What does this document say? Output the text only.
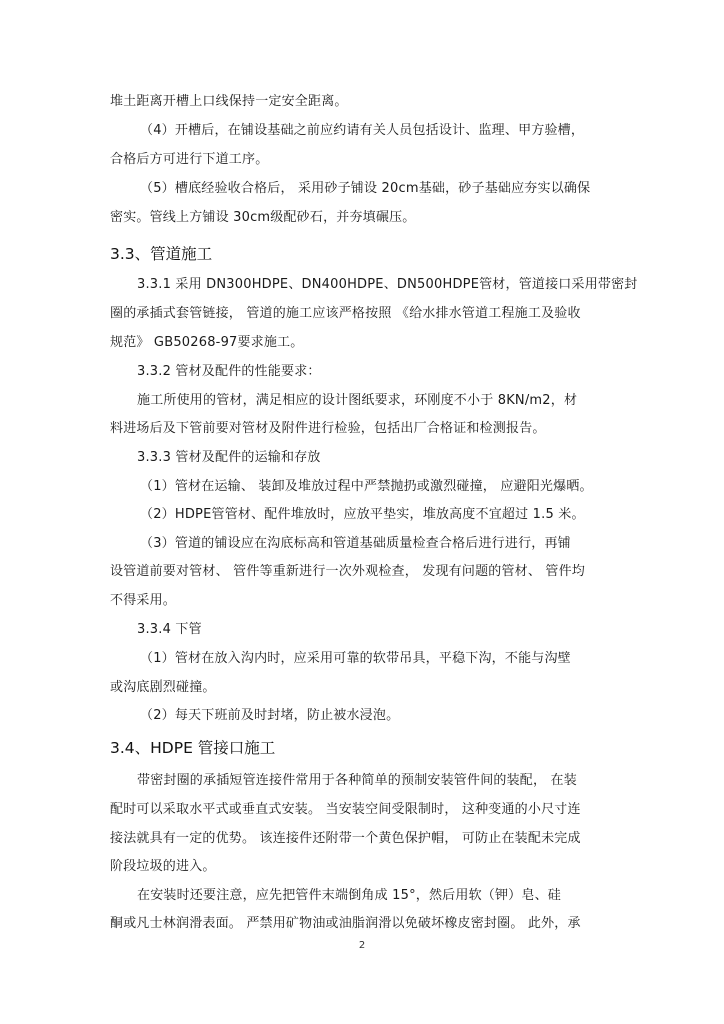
堆土距离开槽上口线保持一定安全距离。
（4）开槽后，在铺设基础之前应约请有关人员包括设计、监理、甲方验槽，
合格后方可进行下道工序。
（5）槽底经验收合格后， 采用砂子铺设 20cm基础，砂子基础应夯实以确保
密实。管线上方铺设 30cm级配砂石，并夯填碾压。
3.3、管道施工
3.3.1 采用 DN300HDPE、DN400HDPE、DN500HDPE管材，管道接口采用带密封
圈的承插式套管链接， 管道的施工应该严格按照 《给水排水管道工程施工及验收
规范》 GB50268-97要求施工。
3.3.2 管材及配件的性能要求：
施工所使用的管材，满足相应的设计图纸要求，环刚度不小于 8KN/m2，材
料进场后及下管前要对管材及附件进行检验，包括出厂合格证和检测报告。
3.3.3 管材及配件的运输和存放
（1）管材在运输、 装卸及堆放过程中严禁抛扔或激烈碰撞， 应避阳光爆晒。
（2）HDPE管管材、配件堆放时，应放平垫实，堆放高度不宜超过 1.5 米。
（3）管道的铺设应在沟底标高和管道基础质量检查合格后进行进行，再铺
设管道前要对管材、 管件等重新进行一次外观检查， 发现有问题的管材、 管件均
不得采用。
3.3.4 下管
（1）管材在放入沟内时，应采用可靠的软带吊具，平稳下沟，不能与沟壁
或沟底剧烈碰撞。
（2）每天下班前及时封堵，防止被水浸泡。
3.4、HDPE 管接口施工
带密封圈的承插短管连接件常用于各种简单的预制安装管件间的装配， 在装
配时可以采取水平式或垂直式安装。 当安装空间受限制时， 这种变通的小尺寸连
接法就具有一定的优势。 该连接件还附带一个黄色保护帽， 可防止在装配未完成
阶段垃圾的进入。
在安装时还要注意，应先把管件末端倒角成 15°，然后用软（钾）皂、硅
酮或凡士林润滑表面。 严禁用矿物油或油脂润滑以免破坏橡皮密封圈。 此外，承
2
